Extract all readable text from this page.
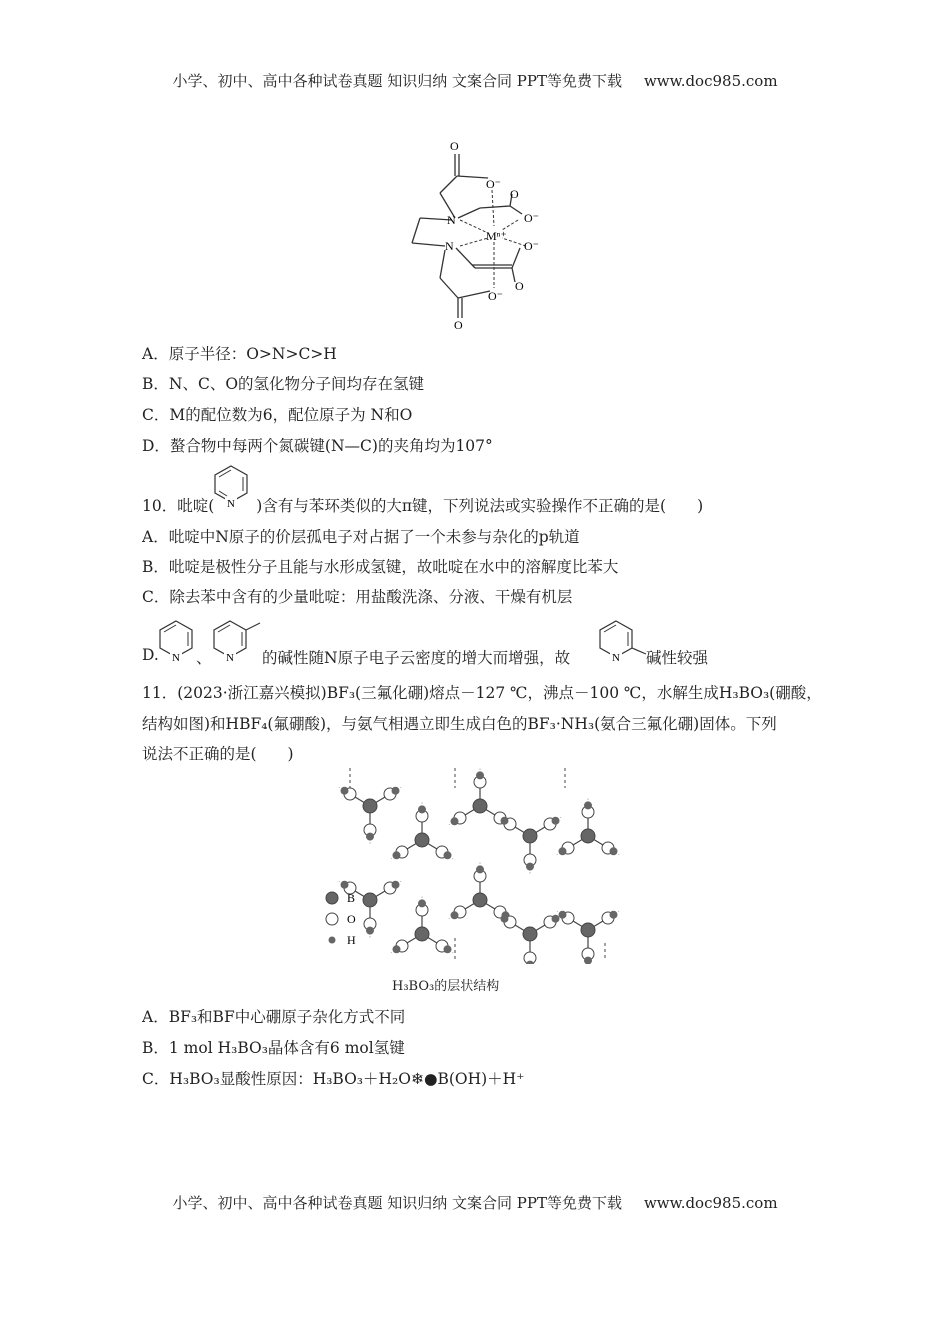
小学、初中、高中各种试卷真题 知识归纳 文案合同 PPT等免费下载 www.doc985.com
O
O⁻
O
O⁻
N
Mⁿ⁺
N	O⁻
O
O⁻
O
A．原子半径：O>N>C>H
B．N、C、O的氢化物分子间均存在氢键
C．M的配位数为6，配位原子为 N和O
D．螯合物中每两个氮碳键(N—C)的夹角均为107°
10．吡啶(	)含有与苯环类似的大π键，下列说法或实验操作不正确的是(　　)
N
A．吡啶中N原子的价层孤电子对占据了一个未参与杂化的p轨道
B．吡啶是极性分子且能与水形成氢键，故吡啶在水中的溶解度比苯大
C．除去苯中含有的少量吡啶：用盐酸洗涤、分液、干燥有机层
D. N 、 N 的碱性随N原子电子云密度的增大而增强，故	N 碱性较强
11．(2023·浙江嘉兴模拟)BF₃(三氟化硼)熔点－127 ℃，沸点－100 ℃，水解生成H₃BO₃(硼酸，
结构如图)和HBF₄(氟硼酸)，与氨气相遇立即生成白色的BF₃·NH₃(氨合三氟化硼)固体。下列
说法不正确的是(　　)
B
O
H
H₃BO₃的层状结构
A．BF₃和BF中心硼原子杂化方式不同
B．1 mol H₃BO₃晶体含有6 mol氢键
C．H₃BO₃显酸性原因：H₃BO₃＋H₂O❄●B(OH)＋H⁺
小学、初中、高中各种试卷真题 知识归纳 文案合同 PPT等免费下载 www.doc985.com
